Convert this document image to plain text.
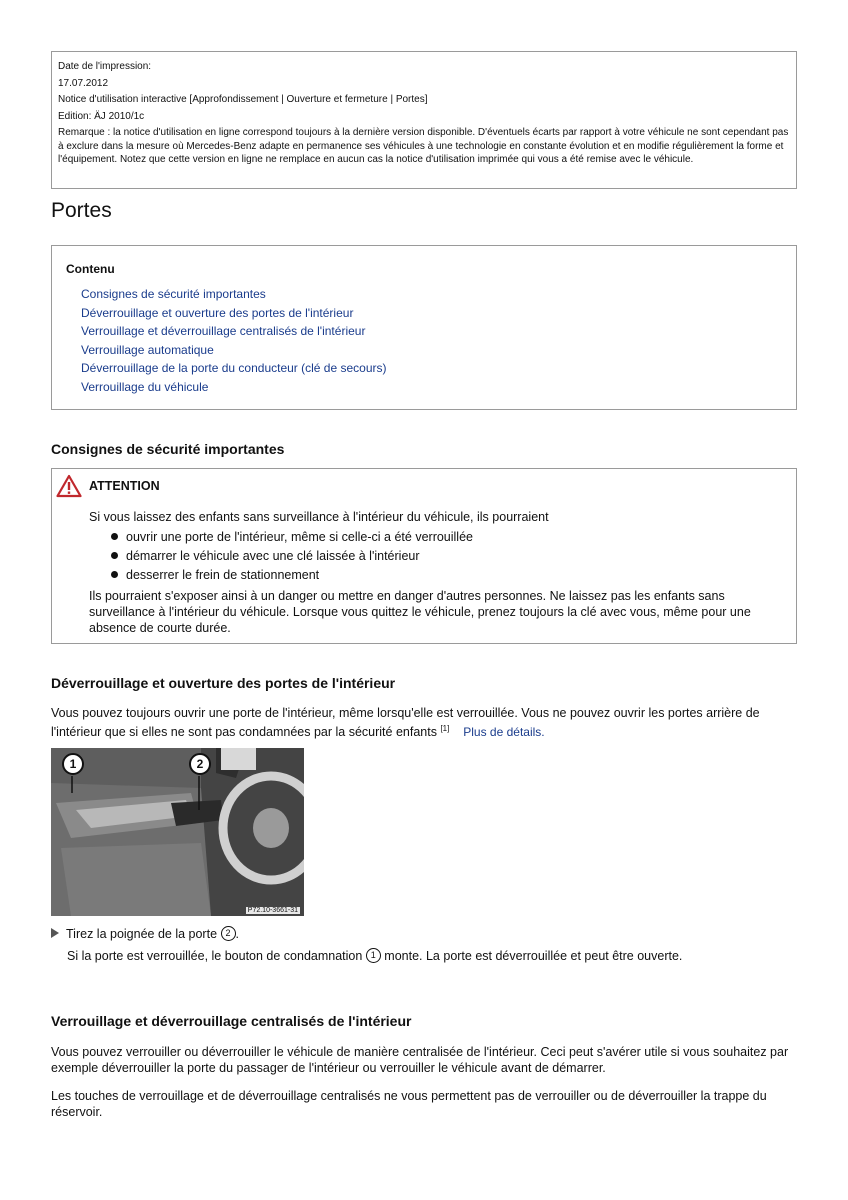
Date de l'impression:
17.07.2012
Notice d'utilisation interactive [Approfondissement | Ouverture et fermeture | Portes]
Edition: ÄJ 2010/1c
Remarque : la notice d'utilisation en ligne correspond toujours à la dernière version disponible. D'éventuels écarts par rapport à votre véhicule ne sont cependant pas à exclure dans la mesure où Mercedes-Benz adapte en permanence ses véhicules à une technologie en constante évolution et en modifie régulièrement la forme et l'équipement. Notez que cette version en ligne ne remplace en aucun cas la notice d'utilisation imprimée qui vous a été remise avec le véhicule.
Portes
Contenu
Consignes de sécurité importantes
Déverrouillage et ouverture des portes de l'intérieur
Verrouillage et déverrouillage centralisés de l'intérieur
Verrouillage automatique
Déverrouillage de la porte du conducteur (clé de secours)
Verrouillage du véhicule
Consignes de sécurité importantes
ATTENTION
Si vous laissez des enfants sans surveillance à l'intérieur du véhicule, ils pourraient
ouvrir une porte de l'intérieur, même si celle-ci a été verrouillée
démarrer le véhicule avec une clé laissée à l'intérieur
desserrer le frein de stationnement
Ils pourraient s'exposer ainsi à un danger ou mettre en danger d'autres personnes. Ne laissez pas les enfants sans surveillance à l'intérieur du véhicule. Lorsque vous quittez le véhicule, prenez toujours la clé avec vous, même pour une absence de courte durée.
Déverrouillage et ouverture des portes de l'intérieur
Vous pouvez toujours ouvrir une porte de l'intérieur, même lorsqu'elle est verrouillée. Vous ne pouvez ouvrir les portes arrière de l'intérieur que si elles ne sont pas condamnées par la sécurité enfants [1] Plus de détails.
1	2
P72.10-3661-31
Tirez la poignée de la porte 2 .
Si la porte est verrouillée, le bouton de condamnation 1 monte. La porte est déverrouillée et peut être ouverte.
Verrouillage et déverrouillage centralisés de l'intérieur
Vous pouvez verrouiller ou déverrouiller le véhicule de manière centralisée de l'intérieur. Ceci peut s'avérer utile si vous souhaitez par exemple déverrouiller la porte du passager de l'intérieur ou verrouiller le véhicule avant de démarrer.
Les touches de verrouillage et de déverrouillage centralisés ne vous permettent pas de verrouiller ou de déverrouiller la trappe du réservoir.
